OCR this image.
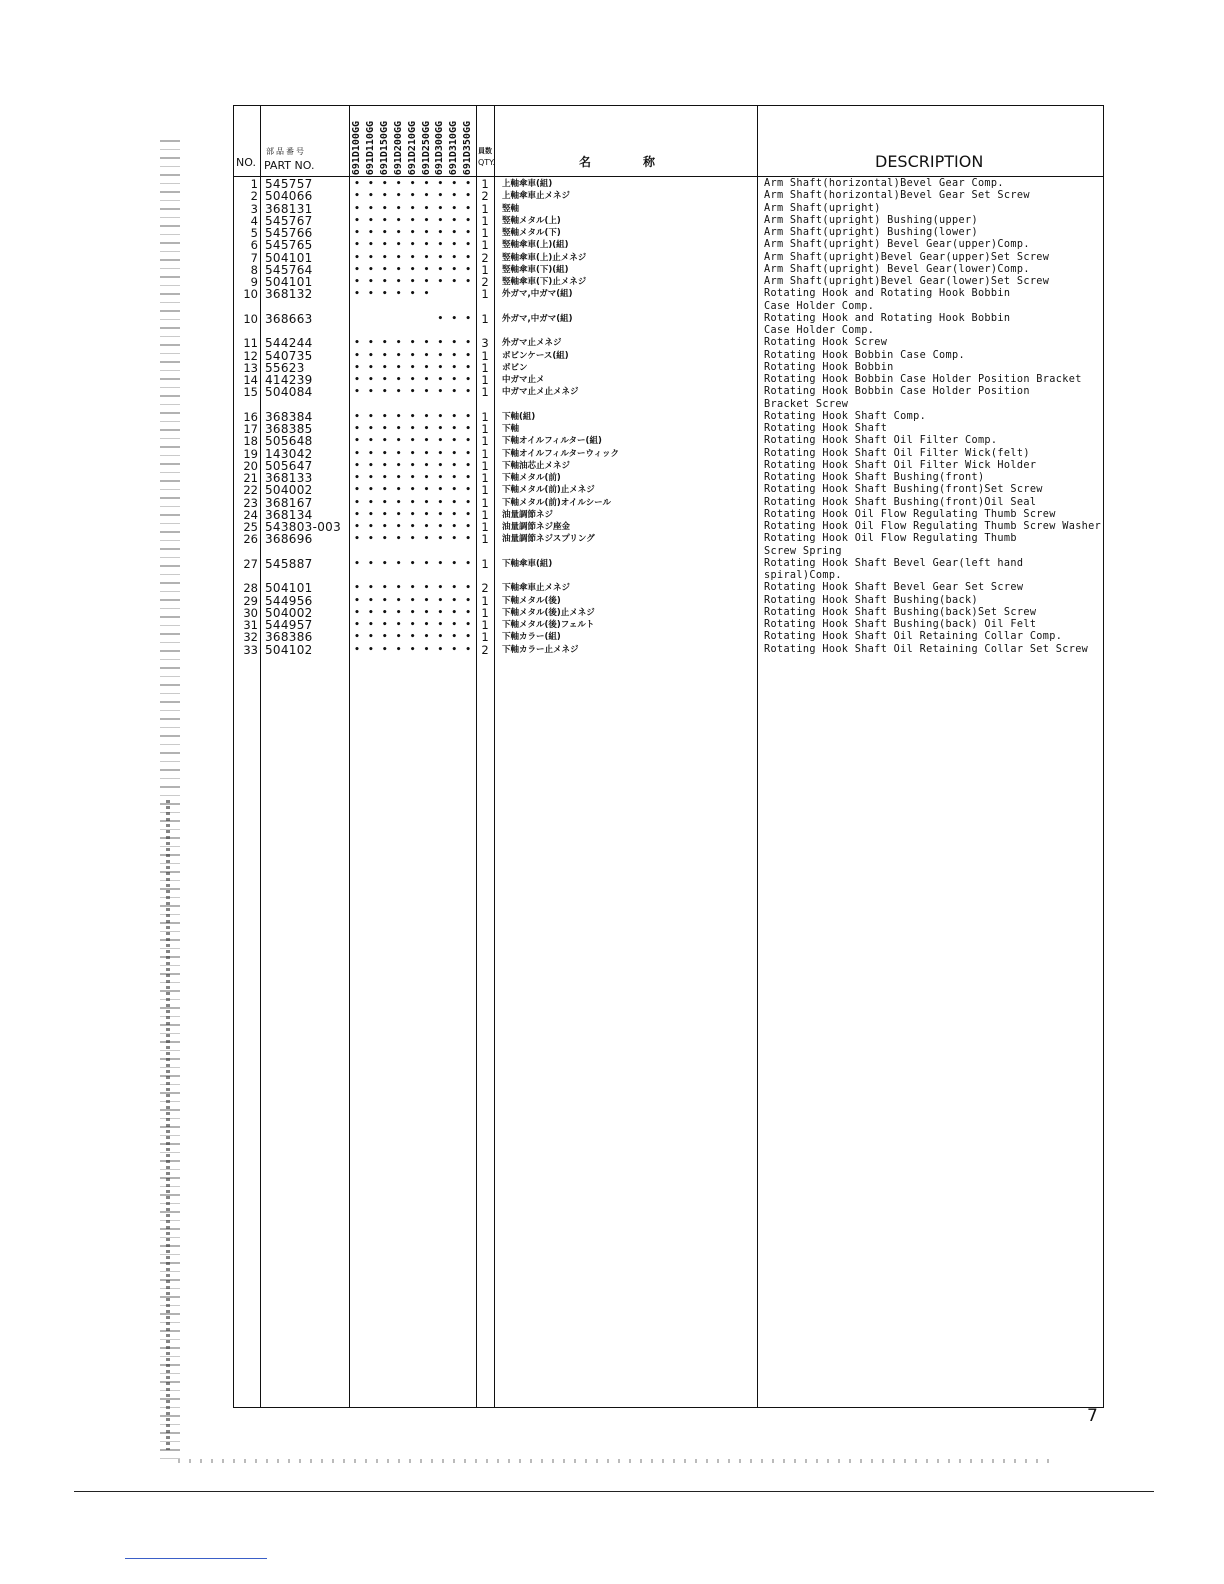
NO.
部品番号
PART NO.	691D100GG 691D110GG 691D150GG 691D200GG 691D210GG 691D250GG 691D300GG 691D310GG 691D350GG 員数
QTY.	名称	DESCRIPTION
1 545757	• • • • • • • • • 1	上軸傘車(組)	Arm Shaft(horizontal)Bevel Gear Comp.
2 504066	• • • • • • • • • 2	上軸傘車止メネジ	Arm Shaft(horizontal)Bevel Gear Set Screw
3 368131	• • • • • • • • • 1	竪軸	Arm Shaft(upright)
4 545767	• • • • • • • • • 1	竪軸メタル(上)	Arm Shaft(upright) Bushing(upper)
5 545766	• • • • • • • • • 1	竪軸メタル(下)	Arm Shaft(upright) Bushing(lower)
6 545765	• • • • • • • • • 1	竪軸傘車(上)(組)	Arm Shaft(upright) Bevel Gear(upper)Comp.
7 504101	• • • • • • • • • 2	竪軸傘車(上)止メネジ	Arm Shaft(upright)Bevel Gear(upper)Set Screw
8 545764	• • • • • • • • • 1	竪軸傘車(下)(組)	Arm Shaft(upright) Bevel Gear(lower)Comp.
9 504101	• • • • • • • • • 2	竪軸傘車(下)止メネジ	Arm Shaft(upright)Bevel Gear(lower)Set Screw
10 368132	• • • • • •	1	外ガマ,中ガマ(組)	Rotating Hook and Rotating Hook Bobbin
Case Holder Comp.
10 368663	• • • 1	外ガマ,中ガマ(組)	Rotating Hook and Rotating Hook Bobbin
Case Holder Comp.
11 544244	• • • • • • • • • 3	外ガマ止メネジ	Rotating Hook Screw
12 540735	• • • • • • • • • 1	ボビンケース(組)	Rotating Hook Bobbin Case Comp.
13 55623	• • • • • • • • • 1	ボビン	Rotating Hook Bobbin
14 414239	• • • • • • • • • 1	中ガマ止メ	Rotating Hook Bobbin Case Holder Position Bracket
15 504084	• • • • • • • • • 1	中ガマ止メ止メネジ	Rotating Hook Bobbin Case Holder Position
Bracket Screw
16 368384	• • • • • • • • • 1	下軸(組)	Rotating Hook Shaft Comp.
17 368385	• • • • • • • • • 1	下軸	Rotating Hook Shaft
18 505648	• • • • • • • • • 1	下軸オイルフィルター(組)	Rotating Hook Shaft Oil Filter Comp.
19 143042	• • • • • • • • • 1	下軸オイルフィルターウィック	Rotating Hook Shaft Oil Filter Wick(felt)
20 505647	• • • • • • • • • 1	下軸油芯止メネジ	Rotating Hook Shaft Oil Filter Wick Holder
21 368133	• • • • • • • • • 1	下軸メタル(前)	Rotating Hook Shaft Bushing(front)
22 504002	• • • • • • • • • 1	下軸メタル(前)止メネジ	Rotating Hook Shaft Bushing(front)Set Screw
23 368167	• • • • • • • • • 1	下軸メタル(前)オイルシール	Rotating Hook Shaft Bushing(front)Oil Seal
24 368134	• • • • • • • • • 1	油量調節ネジ	Rotating Hook Oil Flow Regulating Thumb Screw
25 543803-003	• • • • • • • • • 1	油量調節ネジ座金	Rotating Hook Oil Flow Regulating Thumb Screw Washer
26 368696	• • • • • • • • • 1	油量調節ネジスプリング	Rotating Hook Oil Flow Regulating Thumb
Screw Spring
27 545887	• • • • • • • • • 1	下軸傘車(組)	Rotating Hook Shaft Bevel Gear(left hand
spiral)Comp.
28 504101	• • • • • • • • • 2	下軸傘車止メネジ	Rotating Hook Shaft Bevel Gear Set Screw
29 544956	• • • • • • • • • 1	下軸メタル(後)	Rotating Hook Shaft Bushing(back)
30 504002	• • • • • • • • • 1	下軸メタル(後)止メネジ	Rotating Hook Shaft Bushing(back)Set Screw
31 544957	• • • • • • • • • 1	下軸メタル(後)フェルト	Rotating Hook Shaft Bushing(back) Oil Felt
32 368386	• • • • • • • • • 1	下軸カラー(組)	Rotating Hook Shaft Oil Retaining Collar Comp.
33 504102	• • • • • • • • • 2	下軸カラー止メネジ	Rotating Hook Shaft Oil Retaining Collar Set Screw
7
